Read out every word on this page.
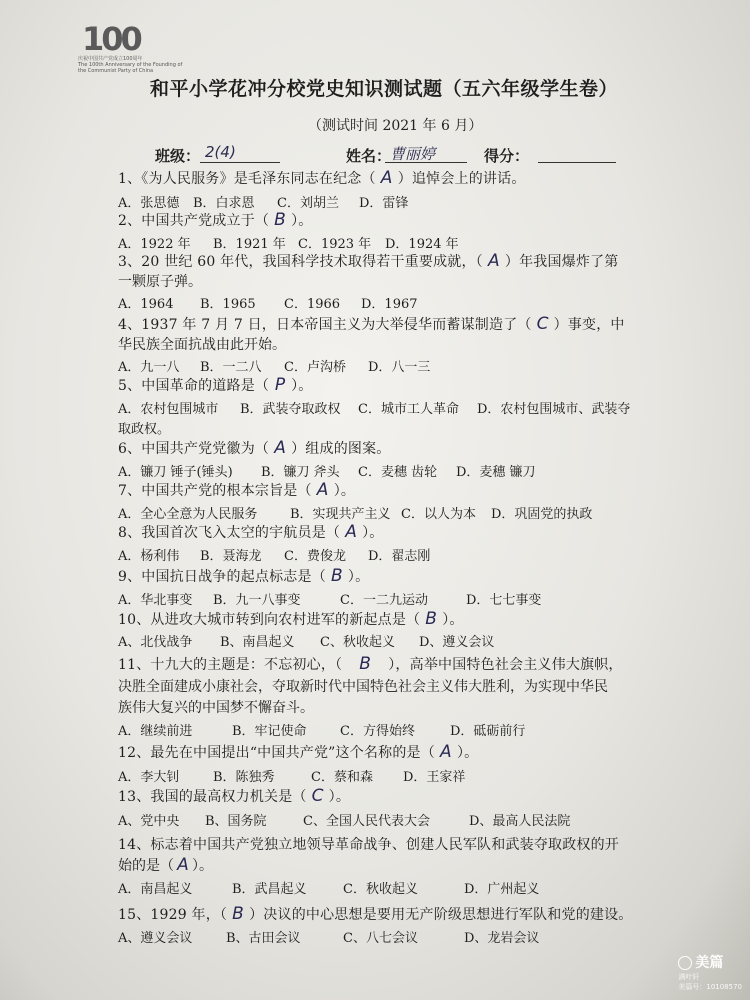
100
庆祝中国共产党成立100周年
The 100th Anniversary of the Founding of
the Communist Party of China
和平小学花冲分校党史知识测试题（五六年级学生卷）
（测试时间 2021 年 6 月）
班级： 2(4)	姓名：
曹丽婷	得分：
1、《为人民服务》是毛泽东同志在纪念（ A ）追悼会上的讲话。
A．张思德 B．白求恩 C．刘胡兰 D．雷锋
2、中国共产党成立于（ B ）。
A．1922 年 B．1921 年 C．1923 年 D．1924 年
3、20 世纪 60 年代，我国科学技术取得若干重要成就，（ A ）年我国爆炸了第
一颗原子弹。
A．1964 B．1965 C．1966 D．1967
4、1937 年 7 月 7 日，日本帝国主义为大举侵华而蓄谋制造了（ C ）事变，中
华民族全面抗战由此开始。
A．九一八 B．一二八 C．卢沟桥 D．八一三
5、中国革命的道路是（ P ）。
A．农村包围城市 B．武装夺取政权 C．城市工人革命 D．农村包围城市、武装夺
取政权。
6、中国共产党党徽为（ A ）组成的图案。
A．镰刀 锤子(锤头) B．镰刀 斧头 C．麦穗 齿轮 D．麦穗 镰刀
7、中国共产党的根本宗旨是（ A ）。
A．全心全意为人民服务	B．实现共产主义 C．以人为本 D．巩固党的执政
8、我国首次飞入太空的宇航员是（ A ）。
A．杨利伟 B．聂海龙 C．费俊龙 D．翟志刚
9、中国抗日战争的起点标志是（ B ）。
A．华北事变 B．九一八事变	C．一二九运动	D．七七事变
10、从进攻大城市转到向农村进军的新起点是（ B ）。
A、北伐战争 B、南昌起义 C、秋收起义 D、遵义会议
11、十九大的主题是：不忘初心，（ B ），高举中国特色社会主义伟大旗帜，
决胜全面建成小康社会，夺取新时代中国特色社会主义伟大胜利，为实现中华民
族伟大复兴的中国梦不懈奋斗。
A．继续前进	B．牢记使命	C．方得始终	D．砥砺前行
12、最先在中国提出“中国共产党”这个名称的是（ A ）。
A．李大钊	B．陈独秀	C．蔡和森 D．王家祥
13、我国的最高权力机关是（ C ）。
A、党中央 B、国务院	C、全国人民代表大会	D、最高人民法院
14、标志着中国共产党独立地领导革命战争、创建人民军队和武装夺取政权的开
始的是（ A ）。
A．南昌起义	B．武昌起义	C．秋收起义	D．广州起义
15、1929 年，（ B ）决议的中心思想是要用无产阶级思想进行军队和党的建设。
A、遵义会议	B、古田会议	C、八七会议	D、龙岩会议
美篇
满叶轩
美篇号：10108570
